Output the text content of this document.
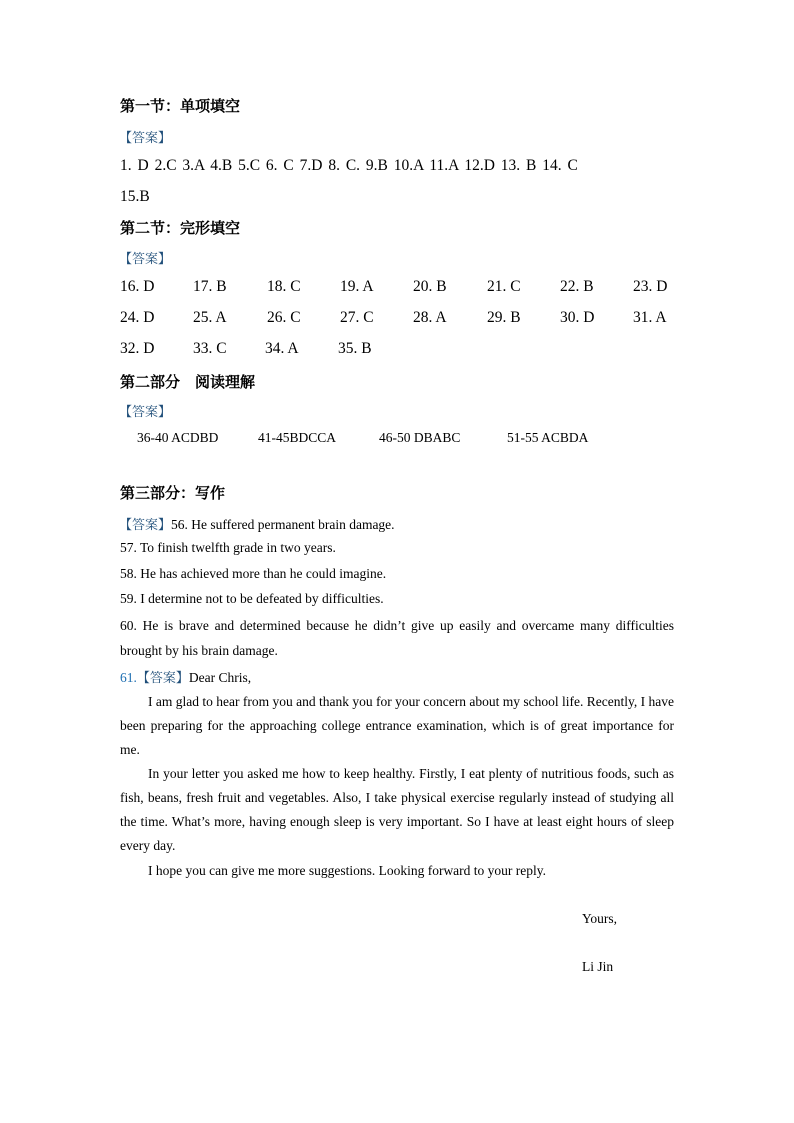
第一节：单项填空
【答案】
1. D 2.C 3.A 4.B 5.C 6. C 7.D 8. C. 9.B 10.A 11.A 12.D 13. B 14. C
15.B
第二节：完形填空
【答案】
16. D 17. B	18. C	19. A	20. B	21. C	22. B	23. D
24. D 25. A	26. C	27. C	28. A	29. B	30. D 31. A
32. D 33. C 34. A	35. B
第二部分　阅读理解
【答案】
36-40 ACDBD	41-45BDCCA	46-50 DBABC	51-55 ACBDA
第三部分：写作
【答案】56. He suffered permanent brain damage.
57. To finish twelfth grade in two years.
58. He has achieved more than he could imagine.
59. I determine not to be defeated by difficulties.
60. He is brave and determined because he didn’t give up easily and overcame many difficulties brought by his brain damage.
61.【答案】Dear Chris,
I am glad to hear from you and thank you for your concern about my school life. Recently, I have been preparing for the approaching college entrance examination, which is of great importance for me.
In your letter you asked me how to keep healthy. Firstly, I eat plenty of nutritious foods, such as fish, beans, fresh fruit and vegetables. Also, I take physical exercise regularly instead of studying all the time. What’s more, having enough sleep is very important. So I have at least eight hours of sleep every day.
I hope you can give me more suggestions. Looking forward to your reply.
Yours,
Li Jin
